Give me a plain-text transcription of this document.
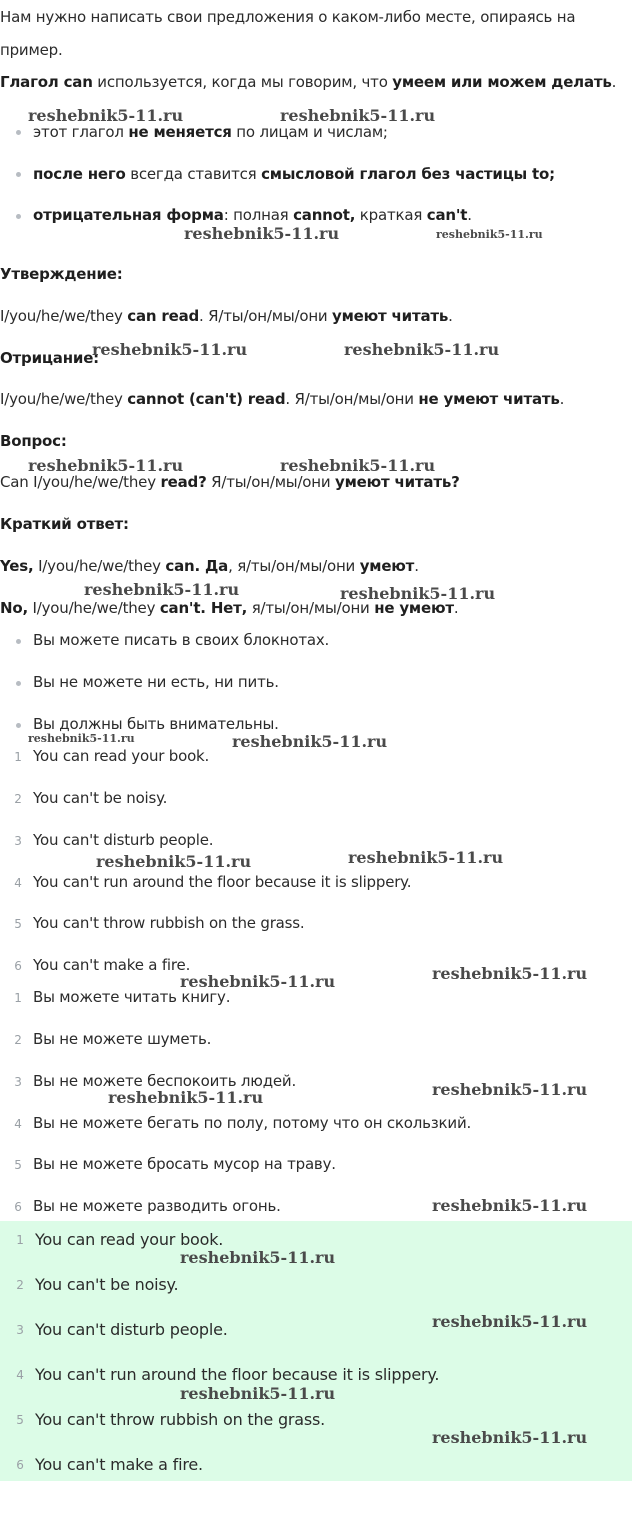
Нам нужно написать свои предложения о каком-либо месте, опираясь на
пример.
Глагол can используется, когда мы говорим, что умеем или можем делать.
этот глагол не меняется по лицам и числам;
после него всегда ставится смысловой глагол без частицы to;
отрицательная форма: полная cannot, краткая can't.
Утверждение:
I/you/he/we/they can read. Я/ты/он/мы/они умеют читать.
Отрицание:
I/you/he/we/they cannot (can't) read. Я/ты/он/мы/они не умеют читать.
Вопрос:
Can I/you/he/we/they read? Я/ты/он/мы/они умеют читать?
Краткий ответ:
Yes, I/you/he/we/they can. Да, я/ты/он/мы/они умеют.
No, I/you/he/we/they can't. Нет, я/ты/он/мы/они не умеют.
Вы можете писать в своих блокнотах.
Вы не можете ни есть, ни пить.
Вы должны быть внимательны.
1 You can read your book.
2 You can't be noisy.
3 You can't disturb people.
4 You can't run around the floor because it is slippery.
5 You can't throw rubbish on the grass.
6 You can't make a fire.
1 Вы можете читать книгу.
2 Вы не можете шуметь.
3 Вы не можете беспокоить людей.
4 Вы не можете бегать по полу, потому что он скользкий.
5 Вы не можете бросать мусор на траву.
6 Вы не можете разводить огонь.
1 You can read your book.
2 You can't be noisy.
3 You can't disturb people.
4 You can't run around the floor because it is slippery.
5 You can't throw rubbish on the grass.
6 You can't make a fire.
reshebnik5-11.ru	reshebnik5-11.ru
reshebnik5-11.ru	reshebnik5-11.ru
reshebnik5-11.ru	reshebnik5-11.ru
reshebnik5-11.ru	reshebnik5-11.ru
reshebnik5-11.ru	reshebnik5-11.ru
reshebnik5-11.ru	reshebnik5-11.ru
reshebnik5-11.ru	reshebnik5-11.ru
reshebnik5-11.ru	reshebnik5-11.ru
reshebnik5-11.ru
reshebnik5-11.ru
reshebnik5-11.ru
reshebnik5-11.ru
reshebnik5-11.ru
reshebnik5-11.ru
reshebnik5-11.ru
